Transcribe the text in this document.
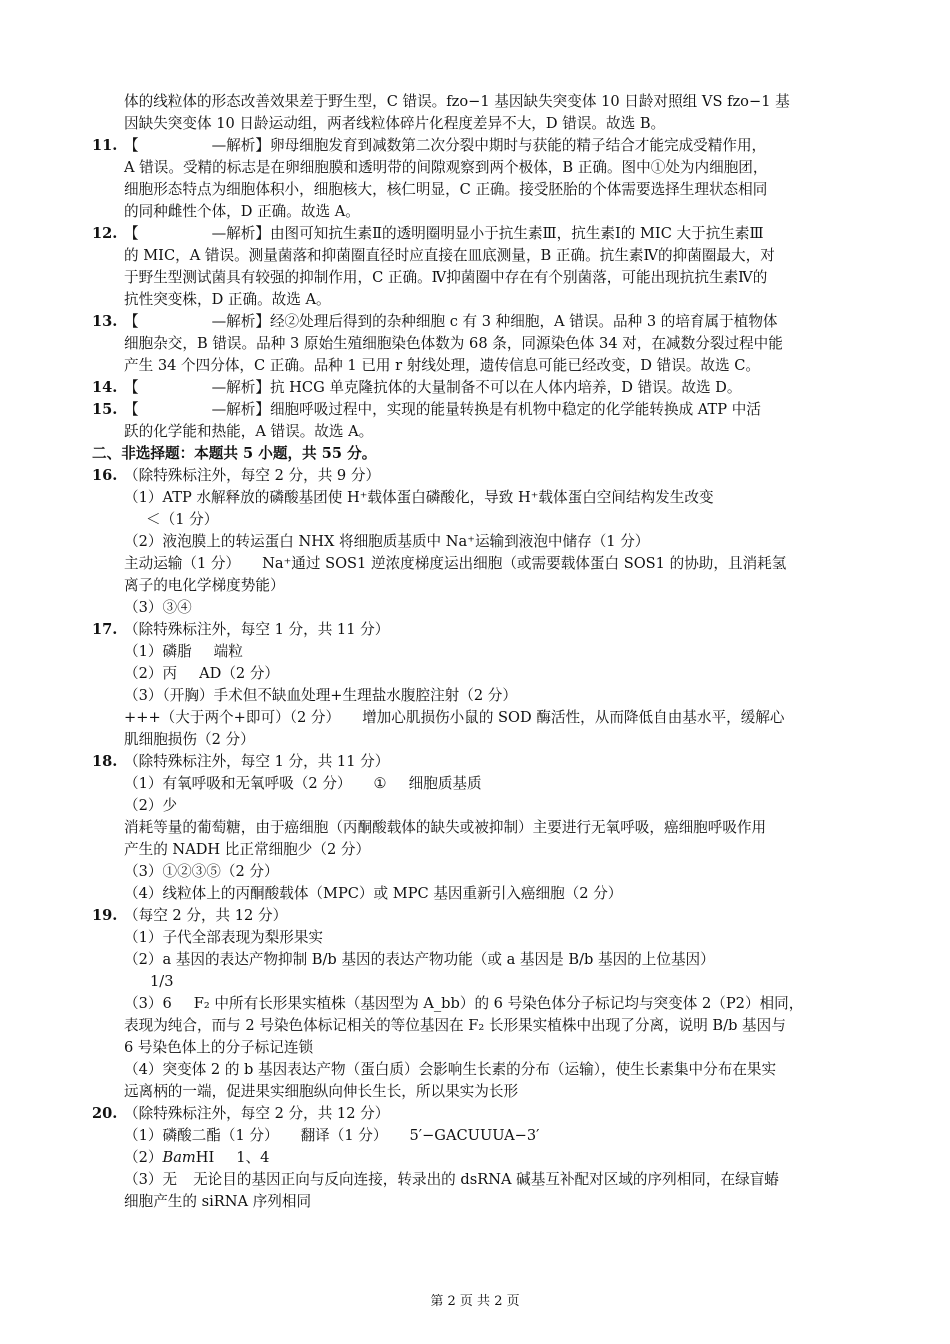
体的线粒体的形态改善效果差于野生型，C 错误。fzo−1 基因缺失突变体 10 日龄对照组 VS fzo−1 基
因缺失突变体 10 日龄运动组，两者线粒体碎片化程度差异不大，D 错误。故选 B。
11. 【　　　　　—解析】卵母细胞发育到减数第二次分裂中期时与获能的精子结合才能完成受精作用，
A 错误。受精的标志是在卵细胞膜和透明带的间隙观察到两个极体，B 正确。图中①处为内细胞团，
细胞形态特点为细胞体积小，细胞核大，核仁明显，C 正确。接受胚胎的个体需要选择生理状态相同
的同种雌性个体，D 正确。故选 A。
12. 【　　　　　—解析】由图可知抗生素Ⅱ的透明圈明显小于抗生素Ⅲ，抗生素Ⅰ的 MIC 大于抗生素Ⅲ
的 MIC，A 错误。测量菌落和抑菌圈直径时应直接在皿底测量，B 正确。抗生素Ⅳ的抑菌圈最大，对
于野生型测试菌具有较强的抑制作用，C 正确。Ⅳ抑菌圈中存在有个别菌落，可能出现抗抗生素Ⅳ的
抗性突变株，D 正确。故选 A。
13. 【　　　　　—解析】经②处理后得到的杂种细胞 c 有 3 种细胞，A 错误。品种 3 的培育属于植物体
细胞杂交，B 错误。品种 3 原始生殖细胞染色体数为 68 条，同源染色体 34 对，在减数分裂过程中能
产生 34 个四分体，C 正确。品种 1 已用 r 射线处理，遗传信息可能已经改变，D 错误。故选 C。
14. 【　　　　　—解析】抗 HCG 单克隆抗体的大量制备不可以在人体内培养，D 错误。故选 D。
15. 【　　　　　—解析】细胞呼吸过程中，实现的能量转换是有机物中稳定的化学能转换成 ATP 中活
跃的化学能和热能，A 错误。故选 A。
二、非选择题：本题共 5 小题，共 55 分。
16. （除特殊标注外，每空 2 分，共 9 分）
（1）ATP 水解释放的磷酸基团使 H⁺载体蛋白磷酸化，导致 H⁺载体蛋白空间结构发生改变
＜（1 分）
（2）液泡膜上的转运蛋白 NHX 将细胞质基质中 Na⁺运输到液泡中储存（1 分）
主动运输（1 分） Na⁺通过 SOS1 逆浓度梯度运出细胞（或需要载体蛋白 SOS1 的协助，且消耗氢
离子的电化学梯度势能）
（3）③④
17. （除特殊标注外，每空 1 分，共 11 分）
（1）磷脂 端粒
（2）丙 AD（2 分）
（3）（开胸）手术但不缺血处理+生理盐水腹腔注射（2 分）
+++（大于两个+即可）（2 分） 增加心肌损伤小鼠的 SOD 酶活性，从而降低自由基水平，缓解心
肌细胞损伤（2 分）
18. （除特殊标注外，每空 1 分，共 11 分）
（1）有氧呼吸和无氧呼吸（2 分） ① 细胞质基质
（2）少
消耗等量的葡萄糖，由于癌细胞（丙酮酸载体的缺失或被抑制）主要进行无氧呼吸，癌细胞呼吸作用
产生的 NADH 比正常细胞少（2 分）
（3）①②③⑤（2 分）
（4）线粒体上的丙酮酸载体（MPC）或 MPC 基因重新引入癌细胞（2 分）
19. （每空 2 分，共 12 分）
（1）子代全部表现为梨形果实
（2）a 基因的表达产物抑制 B/b 基因的表达产物功能（或 a 基因是 B/b 基因的上位基因）
1/3
（3）6 F₂ 中所有长形果实植株（基因型为 A_bb）的 6 号染色体分子标记均与突变体 2（P2）相同，
表现为纯合，而与 2 号染色体标记相关的等位基因在 F₂ 长形果实植株中出现了分离，说明 B/b 基因与
6 号染色体上的分子标记连锁
（4）突变体 2 的 b 基因表达产物（蛋白质）会影响生长素的分布（运输），使生长素集中分布在果实
远离柄的一端，促进果实细胞纵向伸长生长，所以果实为长形
20. （除特殊标注外，每空 2 分，共 12 分）
（1）磷酸二酯（1 分） 翻译（1 分） 5′−GACUUUA−3′
（2）BamHⅠ 1、4
（3）无 无论目的基因正向与反向连接，转录出的 dsRNA 碱基互补配对区域的序列相同，在绿盲蝽
细胞产生的 siRNA 序列相同
第 2 页 共 2 页
